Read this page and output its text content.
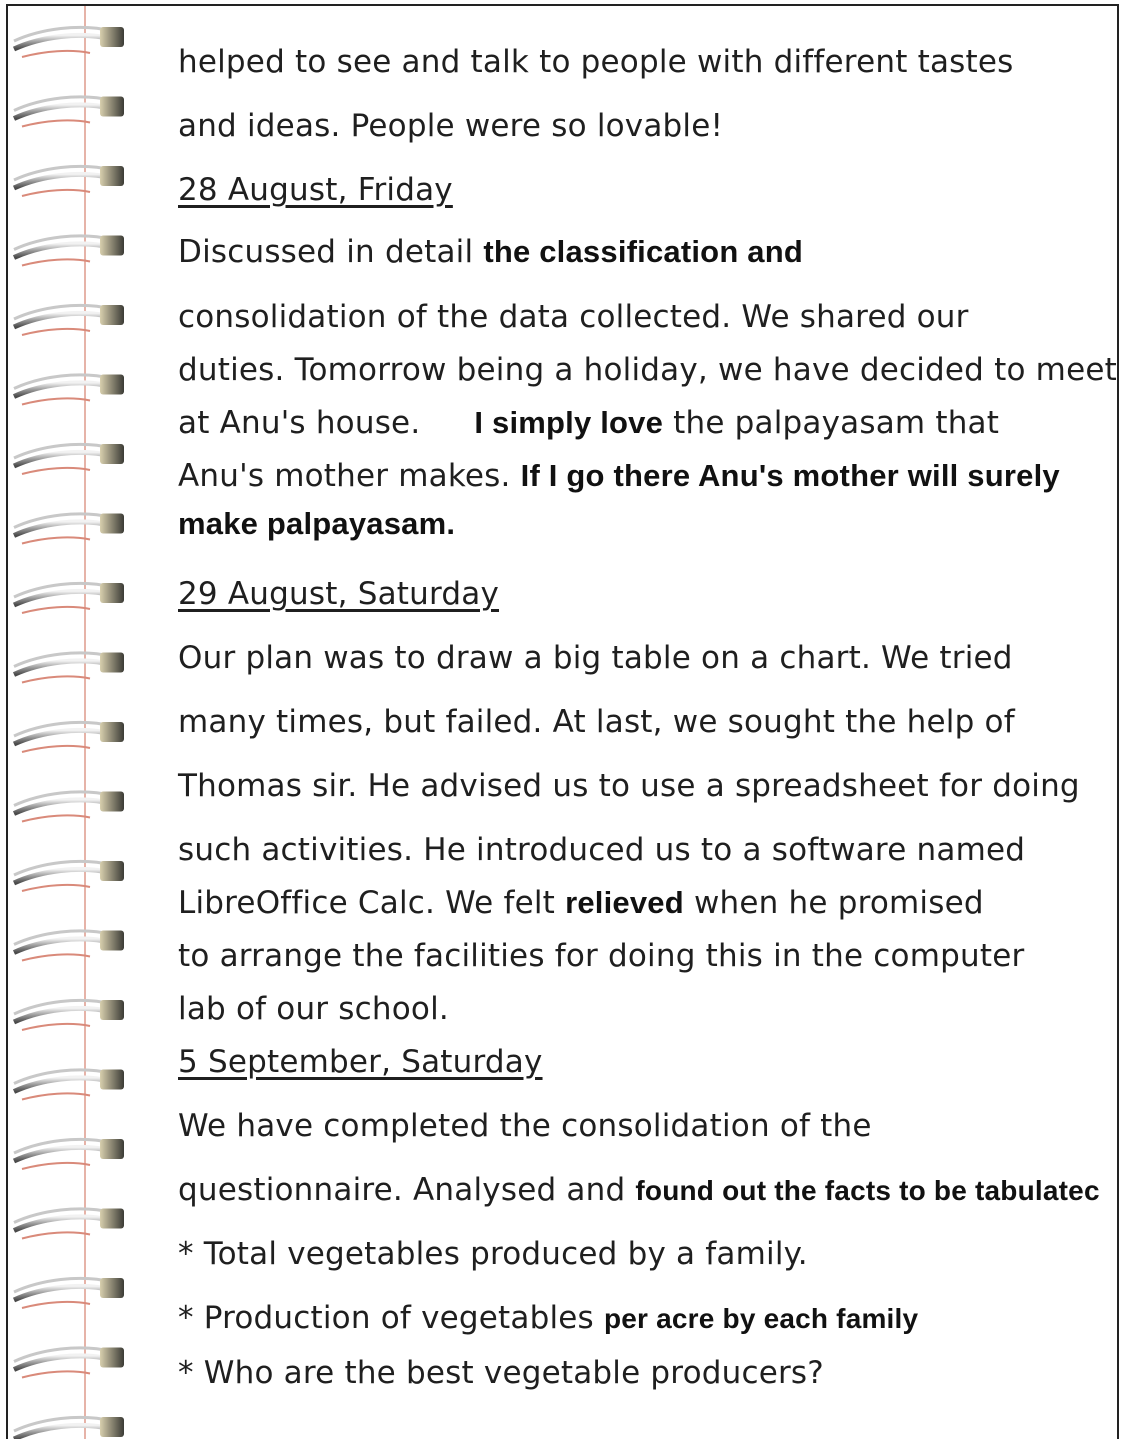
helped to see and talk to people with different tastes
and ideas. People were so lovable!
28 August, Friday
Discussed in detail the classification and
consolidation of the data collected. We shared our
duties. Tomorrow being a holiday, we have decided to meet
at Anu's house. I simply love the palpayasam that
Anu's mother makes. If I go there Anu's mother will surely
make palpayasam.
29 August, Saturday
Our plan was to draw a big table on a chart. We tried
many times, but failed. At last, we sought the help of
Thomas sir. He advised us to use a spreadsheet for doing
such activities. He introduced us to a software named
LibreOffice Calc. We felt relieved when he promised
to arrange the facilities for doing this in the computer
lab of our school.
5 September, Saturday
We have completed the consolidation of the
questionnaire. Analysed and found out the facts to be tabulatec
* Total vegetables produced by a family.
* Production of vegetables per acre by each family
* Who are the best vegetable producers?
